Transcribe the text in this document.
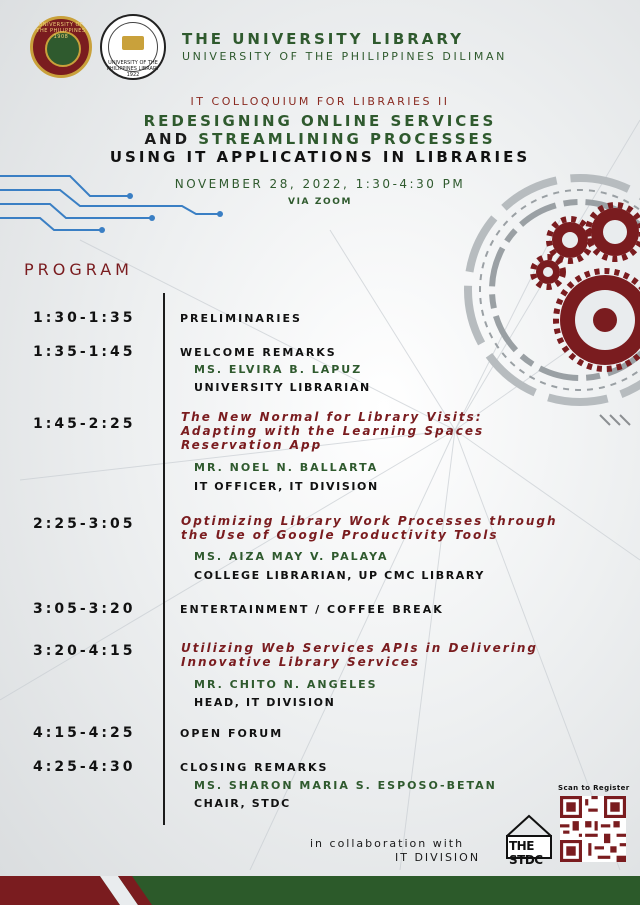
UNIVERSITY OF THE PHILIPPINES 1908
UNIVERSITY OF THE PHILIPPINES LIBRARY 1922
THE UNIVERSITY LIBRARY
UNIVERSITY OF THE PHILIPPINES DILIMAN
IT COLLOQUIUM FOR LIBRARIES II
REDESIGNING ONLINE SERVICES
AND STREAMLINING PROCESSES
USING IT APPLICATIONS IN LIBRARIES
NOVEMBER 28, 2022, 1:30-4:30 PM
VIA ZOOM
PROGRAM
1:30-1:35	PRELIMINARIES
1:35-1:45	WELCOME REMARKS
MS. ELVIRA B. LAPUZ
UNIVERSITY LIBRARIAN
1:45-2:25	The New Normal for Library Visits:
Adapting with the Learning Spaces
Reservation App
MR. NOEL N. BALLARTA
IT OFFICER, IT DIVISION
2:25-3:05	Optimizing Library Work Processes through
the Use of Google Productivity Tools
MS. AIZA MAY V. PALAYA
COLLEGE LIBRARIAN, UP CMC LIBRARY
3:05-3:20	ENTERTAINMENT / COFFEE BREAK
3:20-4:15	Utilizing Web Services APIs in Delivering
Innovative Library Services
MR. CHITO N. ANGELES
HEAD, IT DIVISION
4:15-4:25	OPEN FORUM
4:25-4:30	CLOSING REMARKS
MS. SHARON MARIA S. ESPOSO-BETAN
CHAIR, STDC
in collaboration with
IT DIVISION
THE STDC
Scan to Register
